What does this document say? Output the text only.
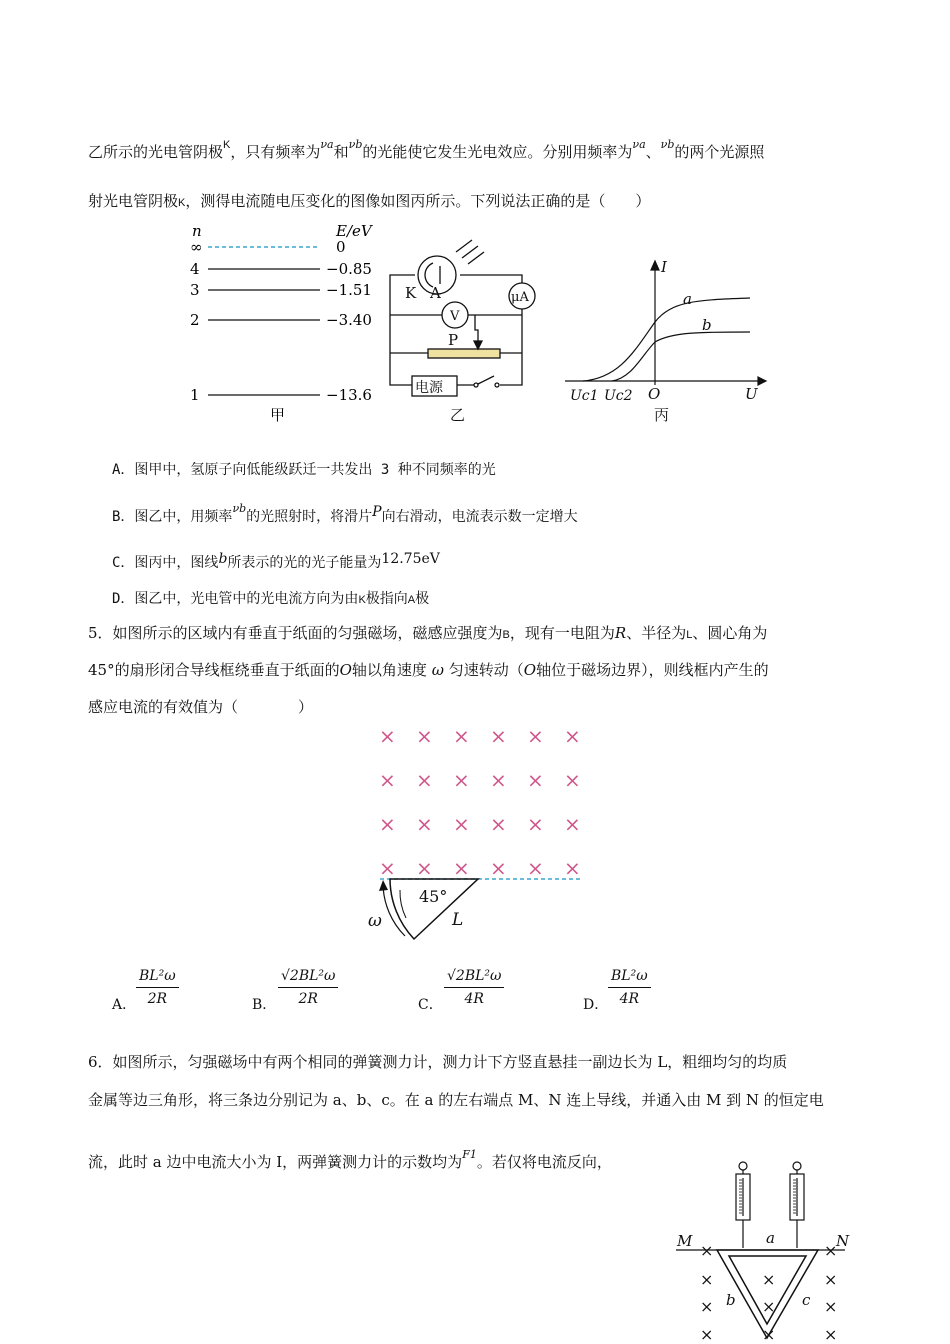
乙所示的光电管阴极$^K$，只有频率为$^{\nu a}$和$^{\nu b}$的光能使它发生光电效应。分别用频率为$^{\nu a}$、$^{\nu b}$的两个光源照
射光电管阴极K，测得电流随电压变化的图像如图丙所示。下列说法正确的是（　　）
n	E/eV
∞
4
3
2
1
0
−0.85
−1.51
−3.40
−13.6
甲
K A	μA
V
P
电源
乙
I
U
O
a
b
Uc1 Uc2
丙
A．图甲中，氢原子向低能级跃迁一共发出 3 种不同频率的光
B．图乙中，用频率$^{\nu b}$的光照射时，将滑片P向右滑动，电流表示数一定增大
C．图丙中，图线b所表示的光的光子能量为12.75eV
D．图乙中，光电管中的光电流方向为由K极指向A极
5．如图所示的区域内有垂直于纸面的匀强磁场，磁感应强度为B，现有一电阻为R、半径为L、圆心角为
45°的扇形闭合导线框绕垂直于纸面的O轴以角速度 ω 匀速转动（O轴位于磁场边界），则线框内产生的
感应电流的有效值为（　　　　）
× × × × × ×
× × × × × ×
× × × × × ×
× × × × × ×
45°
L
ω
A． $\frac{\text{BL²ω}}{2R}$	B． $\frac{\text{√2BL²ω}}{2R}$	C． $\frac{\text{√2BL²ω}}{4R}$	D． $\frac{\text{BL²ω}}{4R}$
6．如图所示，匀强磁场中有两个相同的弹簧测力计，测力计下方竖直悬挂一副边长为 L，粗细均匀的均质
金属等边三角形，将三条边分别记为 a、b、c。在 a 的左右端点 M、N 连上导线，并通入由 M 到 N 的恒定电
流，此时 a 边中电流大小为 I，两弹簧测力计的示数均为$^{F1}$。若仅将电流反向，
×	×
×	×	×
×	×	×
×	×	×
M	N
a
b	c
